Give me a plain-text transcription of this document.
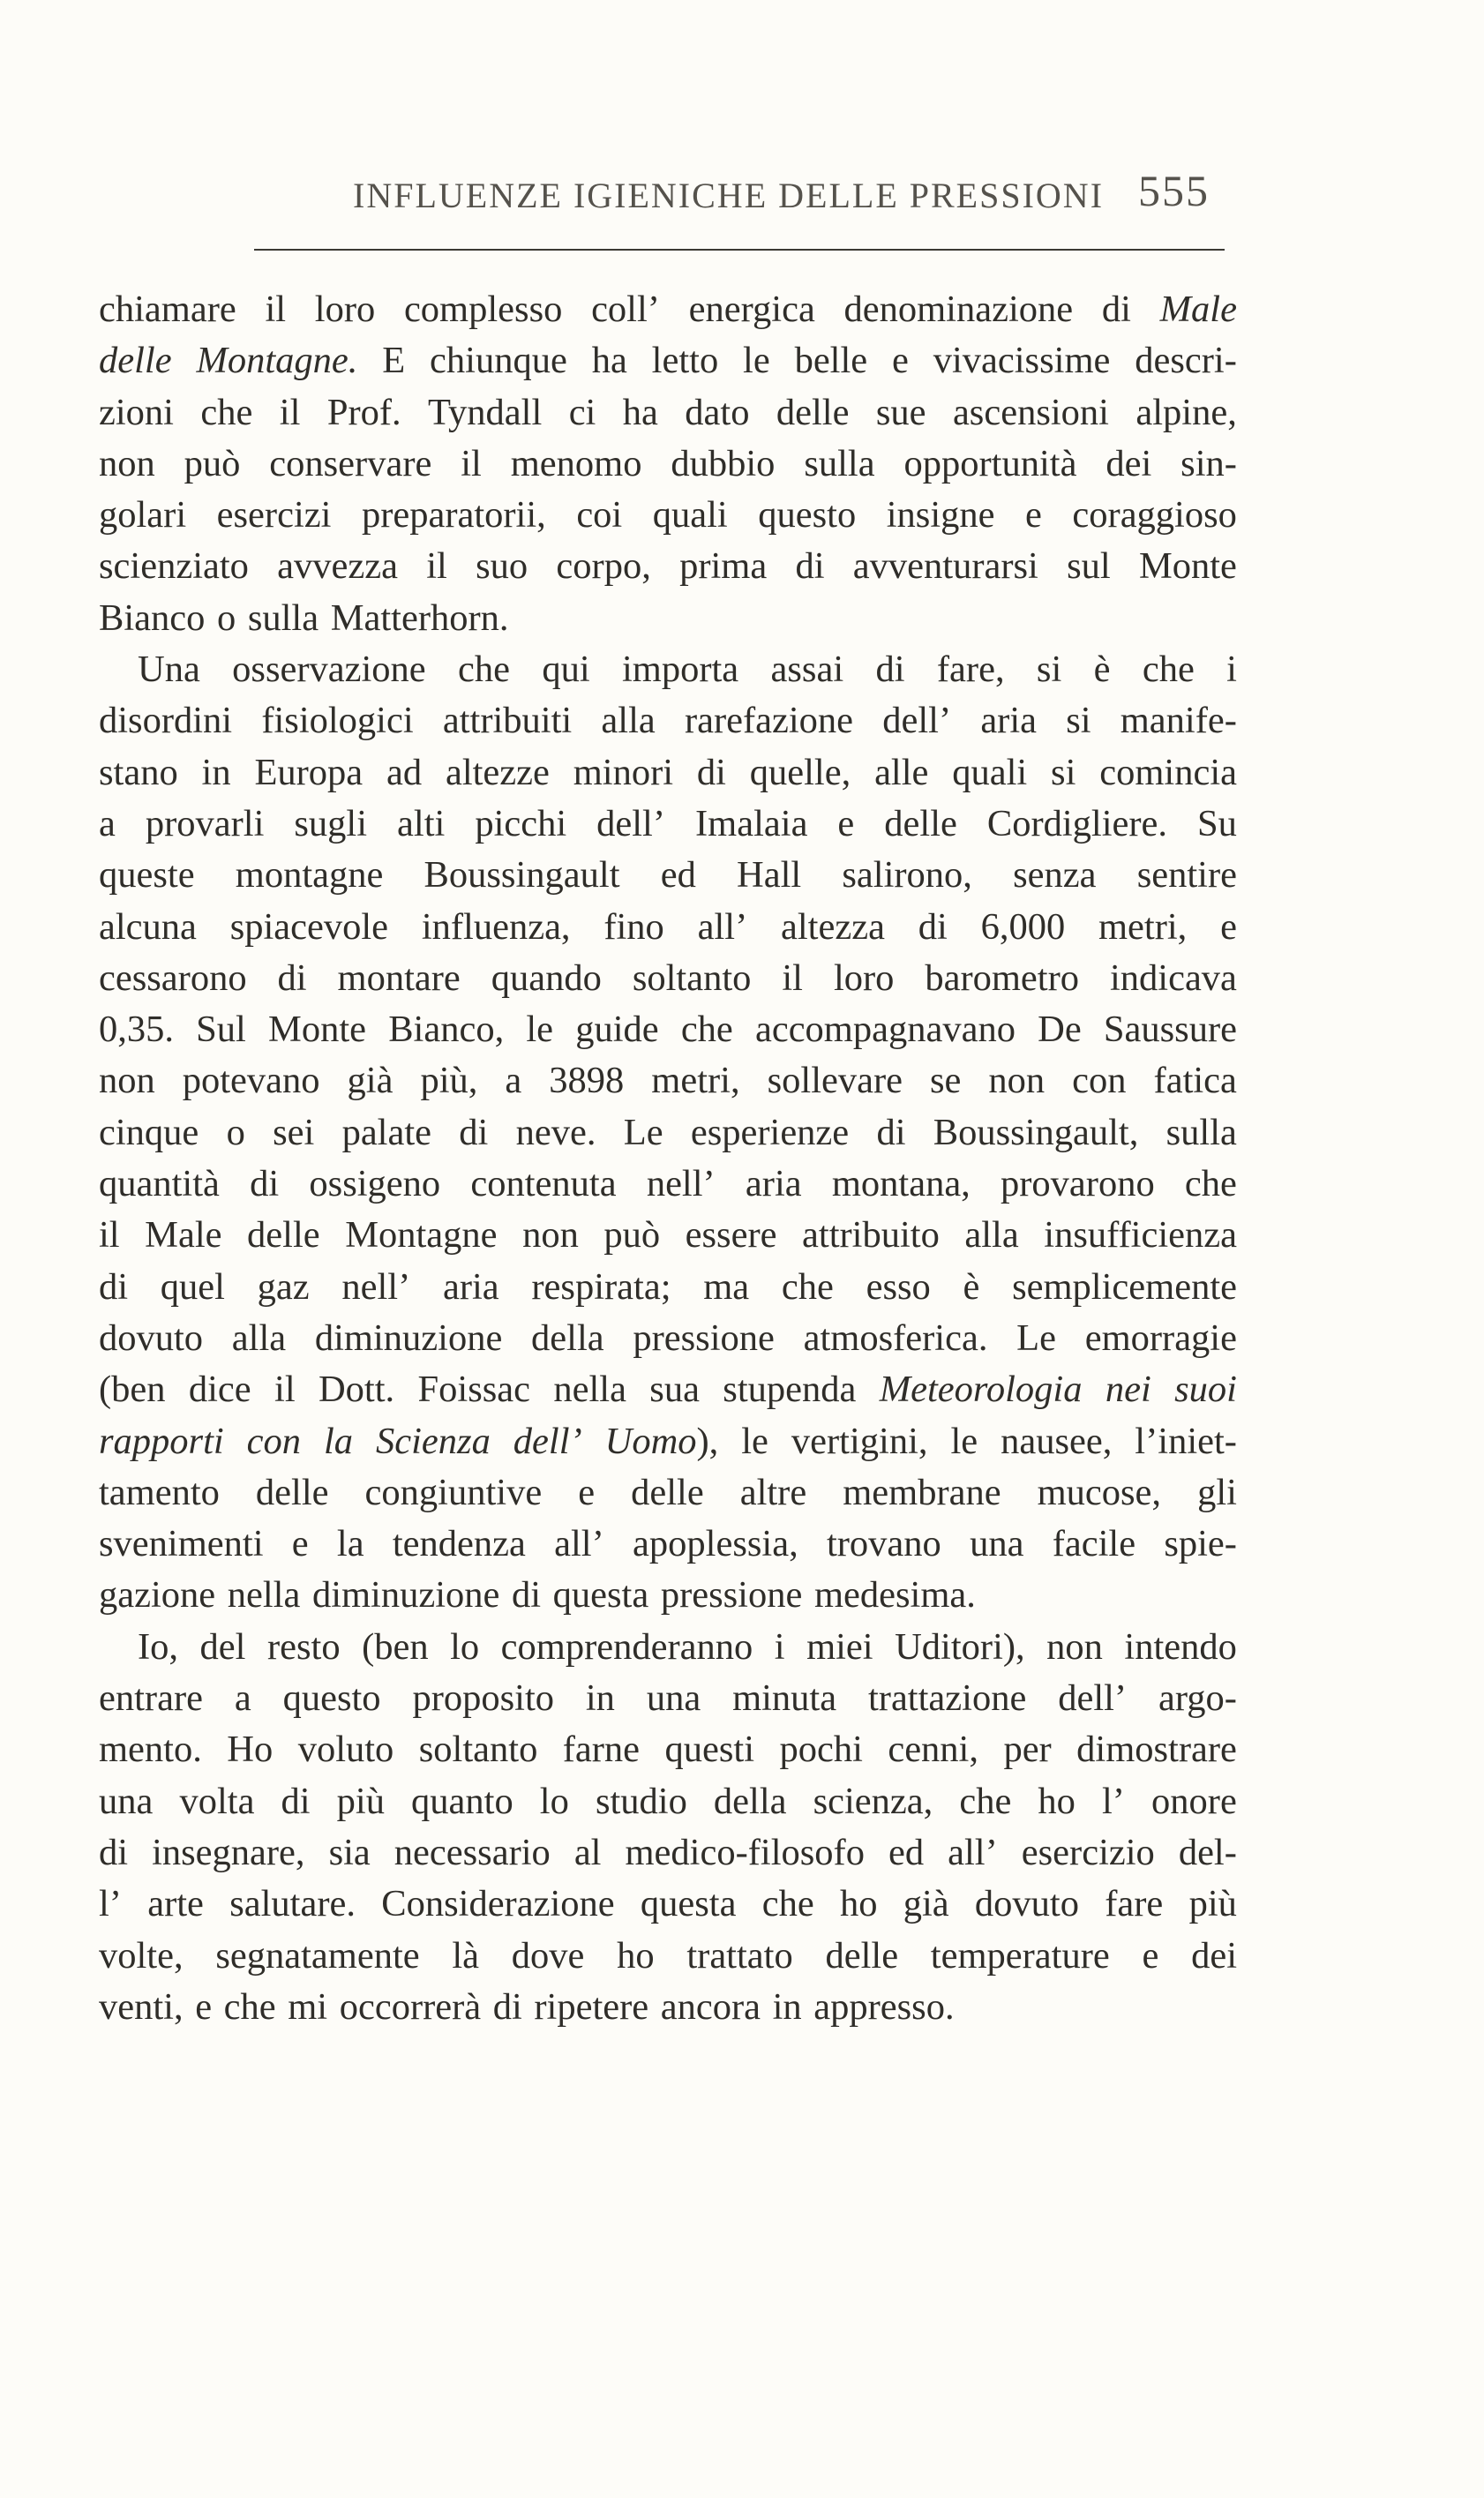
INFLUENZE IGIENICHE DELLE PRESSIONI 555
chiamare il loro complesso coll’ energica denominazione di Male
delle Montagne. E chiunque ha letto le belle e vivacissime descri-
zioni che il Prof. Tyndall ci ha dato delle sue ascensioni alpine,
non può conservare il menomo dubbio sulla opportunità dei sin-
golari esercizi preparatorii, coi quali questo insigne e coraggioso
scienziato avvezza il suo corpo, prima di avventurarsi sul Monte
Bianco
o
sulla
Matterhorn.
Una osservazione che qui importa assai di fare, si è che i
disordini fisiologici attribuiti alla rarefazione dell’ aria si manife-
stano in Europa ad altezze minori di quelle, alle quali si comincia
a provarli sugli alti picchi dell’ Imalaia e delle Cordigliere. Su
queste montagne Boussingault ed Hall salirono, senza sentire
alcuna spiacevole influenza, fino all’ altezza di 6,000 metri, e
cessarono di montare quando soltanto il loro barometro indicava
0,35. Sul Monte Bianco, le guide che accompagnavano De Saussure
non potevano già più, a 3898 metri, sollevare se non con fatica
cinque o sei palate di neve. Le esperienze di Boussingault, sulla
quantità di ossigeno contenuta nell’ aria montana, provarono che
il Male delle Montagne non può essere attribuito alla insufficienza
di quel gaz nell’ aria respirata; ma che esso è semplicemente
dovuto alla diminuzione della pressione atmosferica. Le emorragie
(ben dice il Dott. Foissac nella sua stupenda Meteorologia nei suoi
rapporti con la Scienza dell’ Uomo), le vertigini, le nausee, l’iniet-
tamento delle congiuntive e delle altre membrane mucose, gli
svenimenti e la tendenza all’ apoplessia, trovano una facile spie-
gazione
nella
diminuzione
di
questa
pressione
medesima.
Io, del resto (ben lo comprenderanno i miei Uditori), non intendo
entrare a questo proposito in una minuta trattazione dell’ argo-
mento. Ho voluto soltanto farne questi pochi cenni, per dimostrare
una volta di più quanto lo studio della scienza, che ho l’ onore
di insegnare, sia necessario al medico-filosofo ed all’ esercizio del-
l’ arte salutare. Considerazione questa che ho già dovuto fare più
volte, segnatamente là dove ho trattato delle temperature e dei
venti,
e
che
mi
occorrerà
di
ripetere
ancora
in
appresso.
